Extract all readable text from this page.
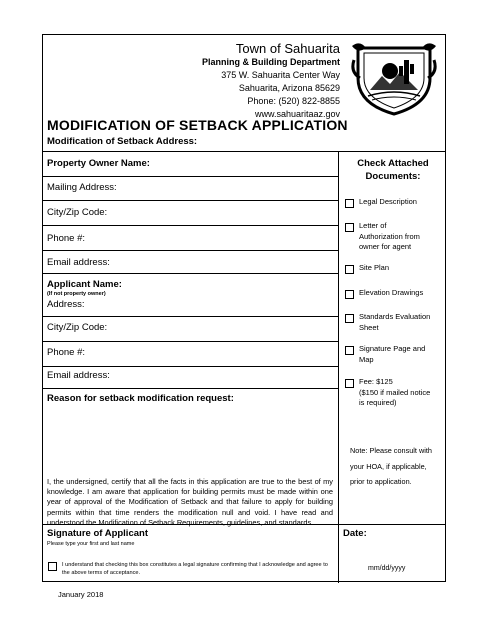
Town of Sahuarita
Planning & Building Department
375 W. Sahuarita Center Way
Sahuarita, Arizona 85629
Phone: (520) 822-8855
www.sahuaritaaz.gov
MODIFICATION OF SETBACK APPLICATION
Modification of Setback Address:
Property Owner Name:
Mailing Address:
City/Zip Code:
Phone #:
Email address:
Applicant Name:
(If not property owner)
Address:
City/Zip Code:
Phone #:
Email address:
Reason for setback modification request:
I, the undersigned, certify that all the facts in this application are true to the best of my knowledge. I am aware that application for building permits must be made within one year of approval of the Modification of Setback and that failure to apply for building permits within that time renders the modification null and void. I have read and understood the Modification of Setback Requirements, guidelines, and standards.
Signature of Applicant
Please type your first and last name
I understand that checking this box constitutes a legal signature confirming that I acknowledge and agree to the above terms of acceptance.
Date:
mm/dd/yyyy
Check Attached
Documents:
Legal Description
Letter of
Authorization from
owner for agent
Site Plan
Elevation Drawings
Standards Evaluation
Sheet
Signature Page and
Map
Fee: $125
($150 if mailed notice
is required)
Note: Please consult with
your HOA, if applicable,
prior to application.
January 2018
